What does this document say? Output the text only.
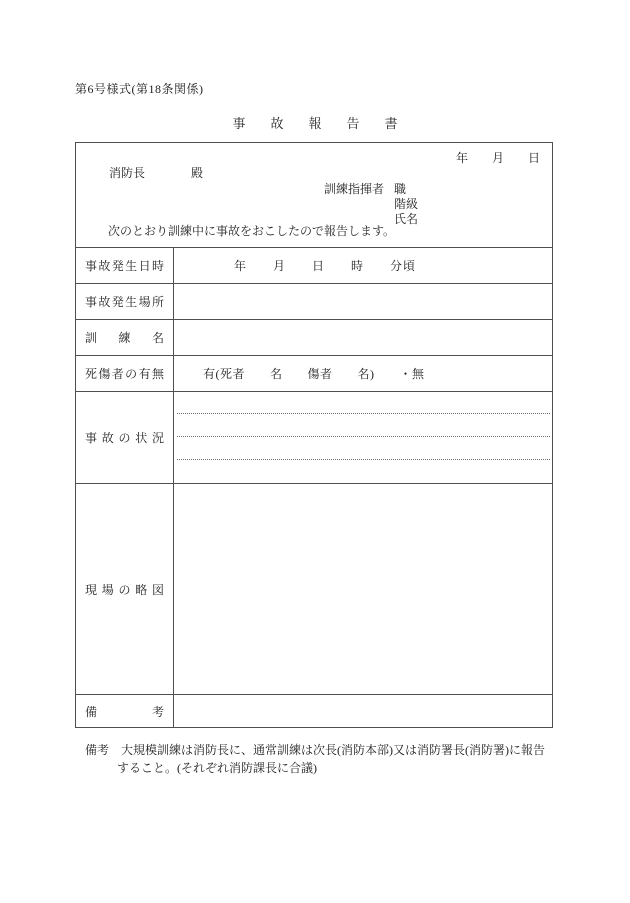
第6号様式(第18条関係)
事故報告書
年　　月　　日
消防長	殿
訓練指揮者 職
階級
氏名
次のとおり訓練中に事故をおこしたので報告します。
事 故 発 生 日 時	年　　月　　日　　時　　分頃
事 故 発 生 場 所
訓 練 名
死 傷 者 の 有 無	有(死者　　名　　傷者　　名)　　・無
事 故 の 状 況
現 場 の 略 図
備	考
備考　大規模訓練は消防長に、通常訓練は次長(消防本部)又は消防署長(消防署)に報告
すること。(それぞれ消防課長に合議)
